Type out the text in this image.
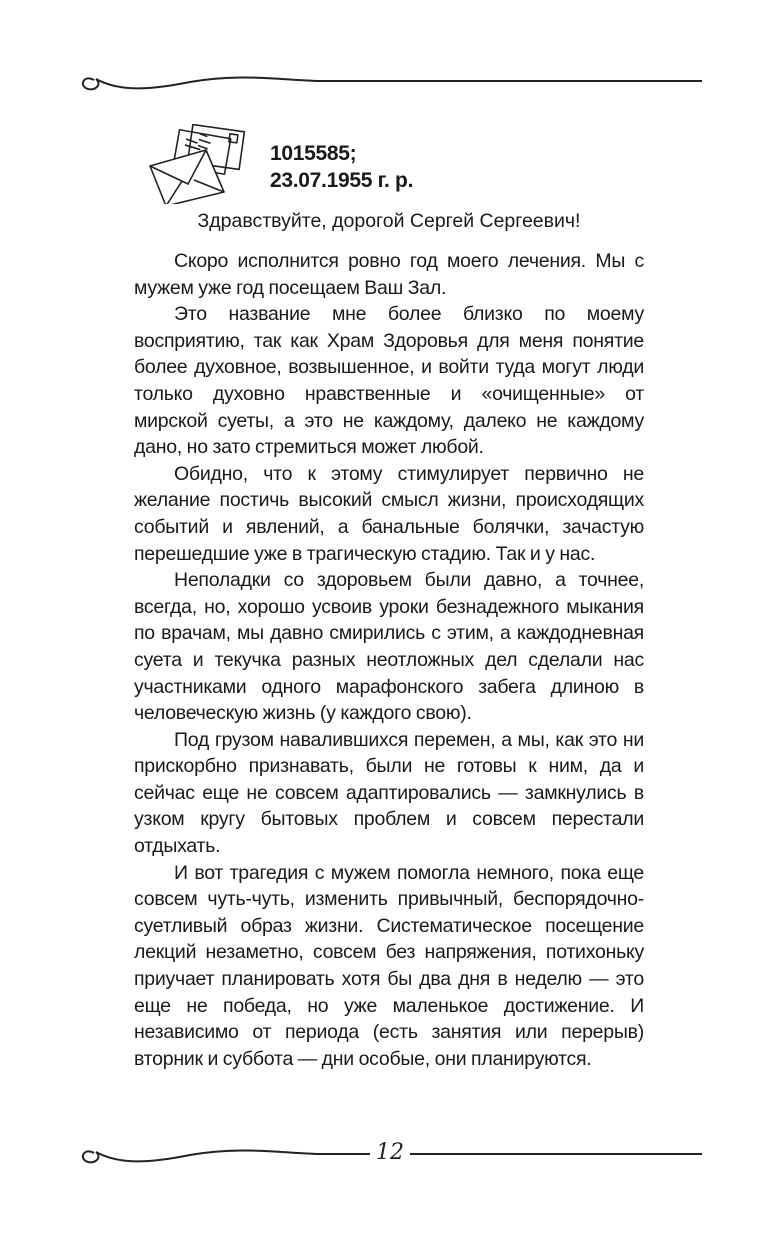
1015585;
23.07.1955 г. р.
Здравствуйте, дорогой Сергей Сергеевич!

Скоро исполнится ровно год моего лечения. Мы с мужем уже год посещаем Ваш Зал.

Это название мне более близко по моему восприятию, так как Храм Здоровья для меня понятие более духовное, возвышенное, и войти туда могут люди только духовно нравственные и «очищенные» от мирской суеты, а это не каждому, далеко не каждому дано, но зато стремиться может любой.

Обидно, что к этому стимулирует первично не желание постичь высокий смысл жизни, происходящих событий и явлений, а банальные болячки, зачастую перешедшие уже в трагическую стадию. Так и у нас.

Неполадки со здоровьем были давно, а точнее, всегда, но, хорошо усвоив уроки безнадежного мыкания по врачам, мы давно смирились с этим, а каждодневная суета и текучка разных неотложных дел сделали нас участниками одного марафонского забега длиною в человеческую жизнь (у каждого свою).

Под грузом навалившихся перемен, а мы, как это ни прискорбно признавать, были не готовы к ним, да и сейчас еще не совсем адаптировались — замкнулись в узком кругу бытовых проблем и совсем перестали отдыхать.

И вот трагедия с мужем помогла немного, пока еще совсем чуть-чуть, изменить привычный, беспорядочно-суетливый образ жизни. Систематическое посещение лекций незаметно, совсем без напряжения, потихоньку приучает планировать хотя бы два дня в неделю — это еще не победа, но уже маленькое достижение. И независимо от периода (есть занятия или перерыв) вторник и суббота — дни особые, они планируются.

12
